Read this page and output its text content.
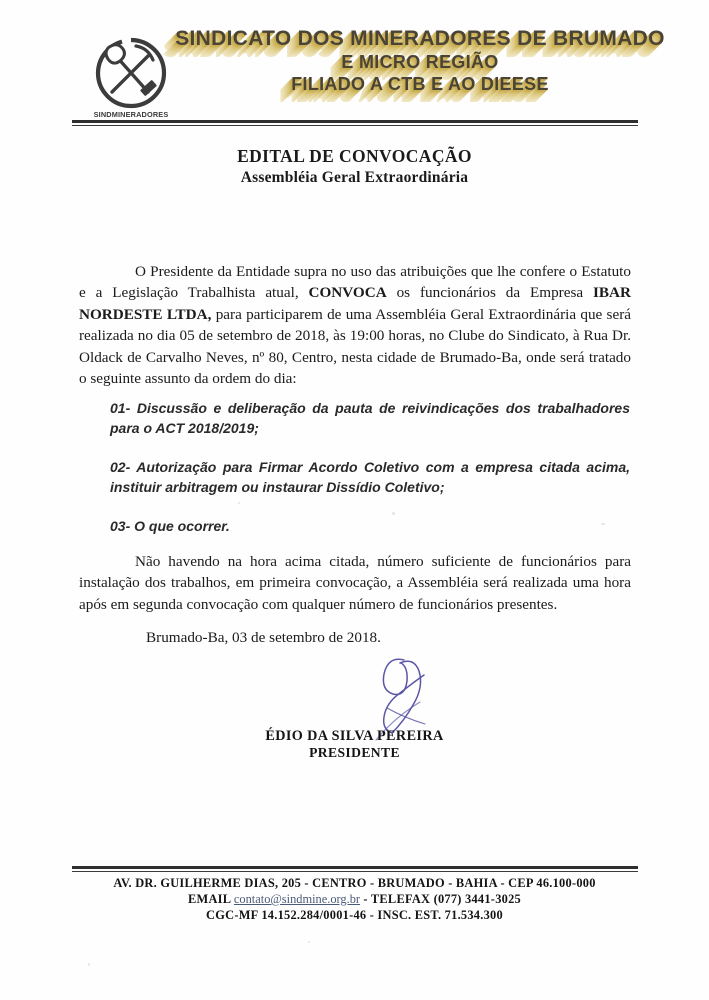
SINDMINERADORES
SINDICATO DOS MINERADORES DE BRUMADO
E MICRO REGIÃO
FILIADO A CTB E AO DIEESE
EDITAL DE CONVOCAÇÃO
Assembléia Geral Extraordinária

O Presidente da Entidade supra no uso das atribuições que lhe confere o Estatuto e a Legislação Trabalhista atual, CONVOCA os funcionários da Empresa IBAR NORDESTE LTDA, para participarem de uma Assembléia Geral Extraordinária que será realizada no dia 05 de setembro de 2018, às 19:00 horas, no Clube do Sindicato, à Rua Dr. Oldack de Carvalho Neves, nº 80, Centro, nesta cidade de Brumado-Ba, onde será tratado o seguinte assunto da ordem do dia:

01- Discussão e deliberação da pauta de reivindicações dos trabalhadores para o ACT 2018/2019;
02- Autorização para Firmar Acordo Coletivo com a empresa citada acima, instituir arbitragem ou instaurar Dissídio Coletivo;
03- O que ocorrer.

Não havendo na hora acima citada, número suficiente de funcionários para instalação dos trabalhos, em primeira convocação, a Assembléia será realizada uma hora após em segunda convocação com qualquer número de funcionários presentes.

Brumado-Ba, 03 de setembro de 2018.
ÉDIO DA SILVA PEREIRA
PRESIDENTE
AV. DR. GUILHERME DIAS, 205 - CENTRO - BRUMADO - BAHIA - CEP 46.100-000
EMAIL contato@sindmine.org.br - TELEFAX (077) 3441-3025
CGC-MF 14.152.284/0001-46 - INSC. EST. 71.534.300
